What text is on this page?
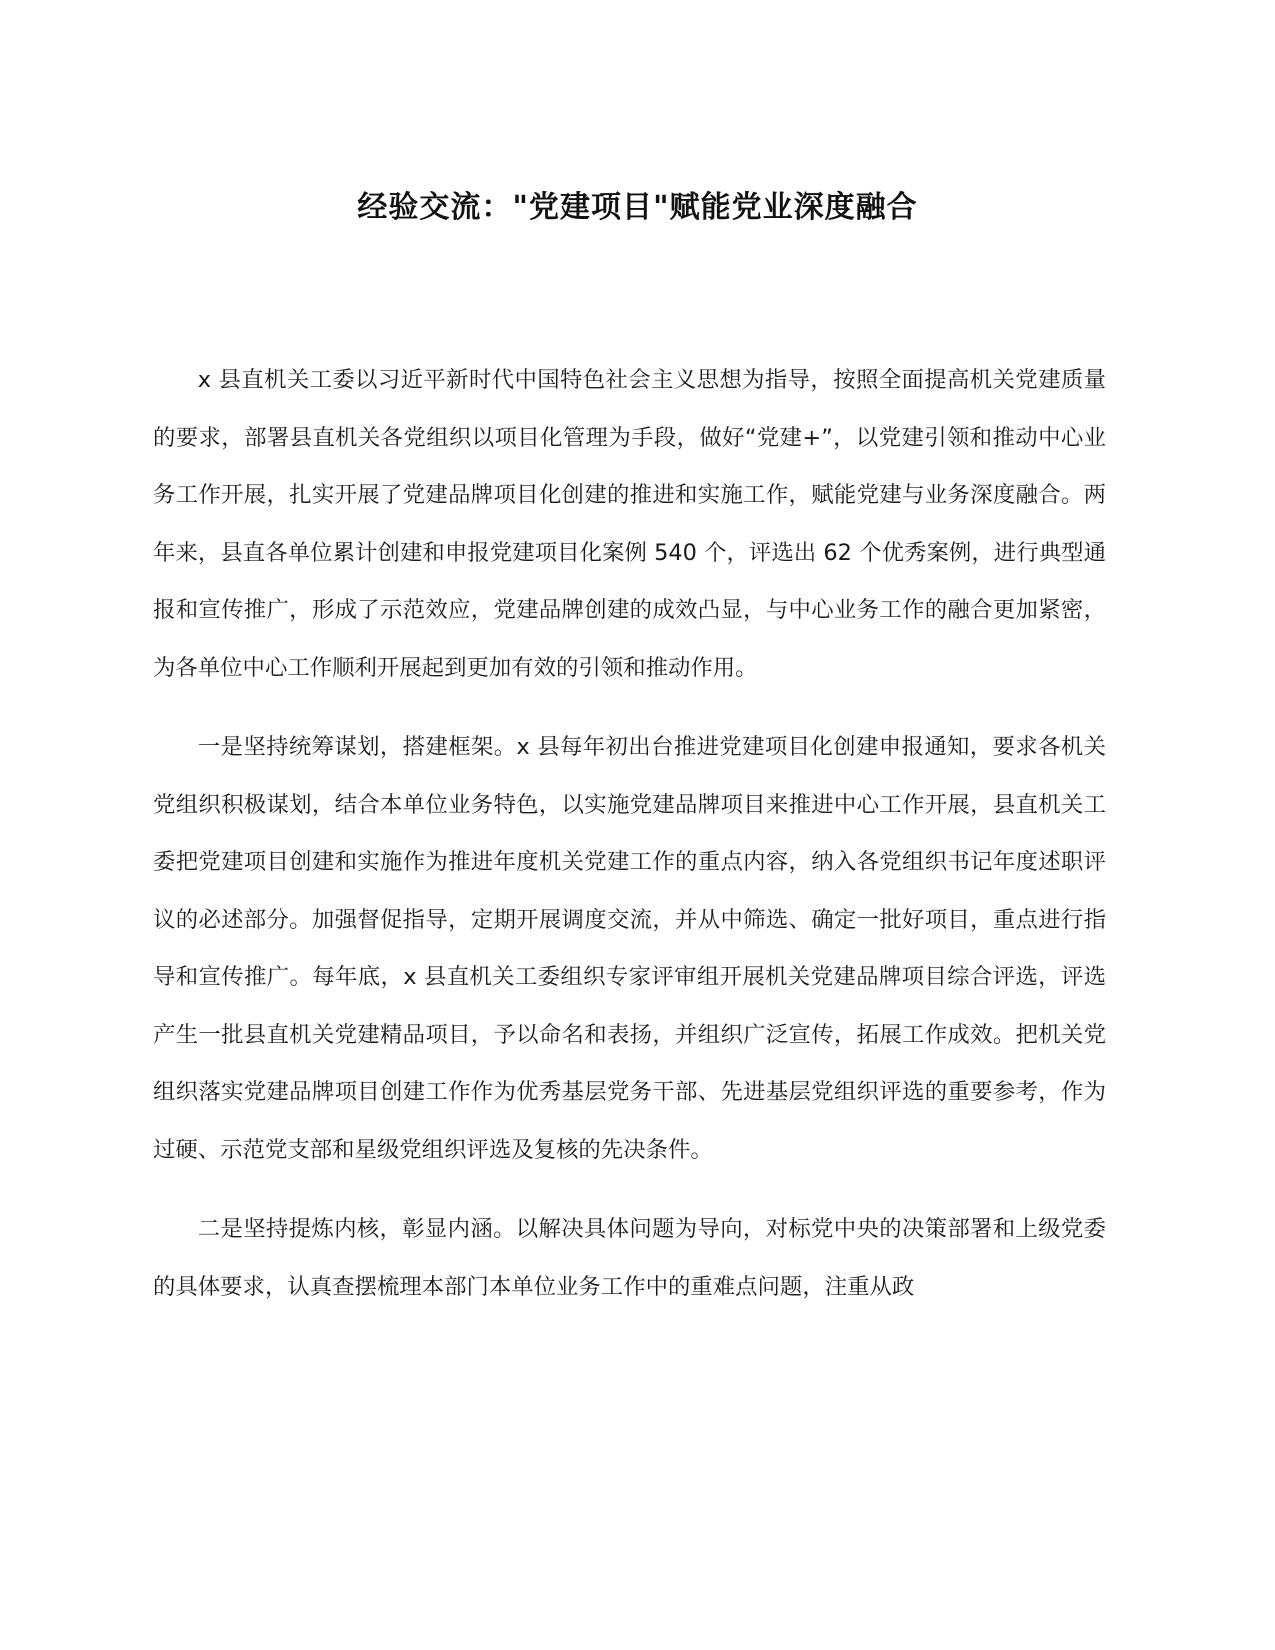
经验交流："党建项目"赋能党业深度融合

x 县直机关工委以习近平新时代中国特色社会主义思想为指导，按照全面提高机关党建质量的要求，部署县直机关各党组织以项目化管理为手段，做好“党建+”，以党建引领和推动中心业务工作开展，扎实开展了党建品牌项目化创建的推进和实施工作，赋能党建与业务深度融合。两年来，县直各单位累计创建和申报党建项目化案例 540 个，评选出 62 个优秀案例，进行典型通报和宣传推广，形成了示范效应，党建品牌创建的成效凸显，与中心业务工作的融合更加紧密，为各单位中心工作顺利开展起到更加有效的引领和推动作用。

一是坚持统筹谋划，搭建框架。x 县每年初出台推进党建项目化创建申报通知，要求各机关党组织积极谋划，结合本单位业务特色，以实施党建品牌项目来推进中心工作开展，县直机关工委把党建项目创建和实施作为推进年度机关党建工作的重点内容，纳入各党组织书记年度述职评议的必述部分。加强督促指导，定期开展调度交流，并从中筛选、确定一批好项目，重点进行指导和宣传推广。每年底，x 县直机关工委组织专家评审组开展机关党建品牌项目综合评选，评选产生一批县直机关党建精品项目，予以命名和表扬，并组织广泛宣传，拓展工作成效。把机关党组织落实党建品牌项目创建工作作为优秀基层党务干部、先进基层党组织评选的重要参考，作为过硬、示范党支部和星级党组织评选及复核的先决条件。

二是坚持提炼内核，彰显内涵。以解决具体问题为导向，对标党中央的决策部署和上级党委的具体要求，认真查摆梳理本部门本单位业务工作中的重难点问题，注重从政
